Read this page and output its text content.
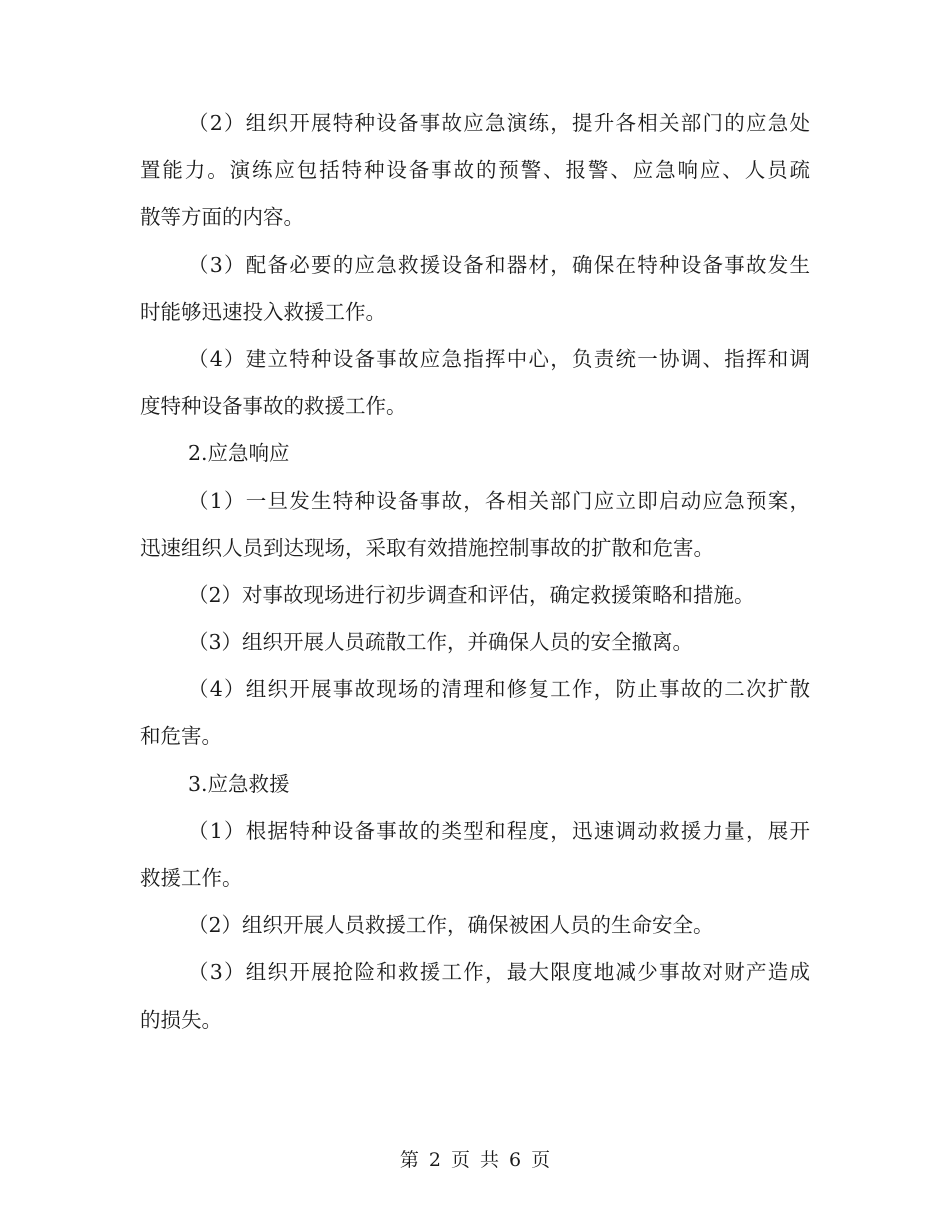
（2）组织开展特种设备事故应急演练，提升各相关部门的应急处
置能力。演练应包括特种设备事故的预警、报警、应急响应、人员疏
散等方面的内容。
（3）配备必要的应急救援设备和器材，确保在特种设备事故发生
时能够迅速投入救援工作。
（4）建立特种设备事故应急指挥中心，负责统一协调、指挥和调
度特种设备事故的救援工作。
2.应急响应
（1）一旦发生特种设备事故，各相关部门应立即启动应急预案，
迅速组织人员到达现场，采取有效措施控制事故的扩散和危害。
（2）对事故现场进行初步调查和评估，确定救援策略和措施。
（3）组织开展人员疏散工作，并确保人员的安全撤离。
（4）组织开展事故现场的清理和修复工作，防止事故的二次扩散
和危害。
3.应急救援
（1）根据特种设备事故的类型和程度，迅速调动救援力量，展开
救援工作。
（2）组织开展人员救援工作，确保被困人员的生命安全。
（3）组织开展抢险和救援工作，最大限度地减少事故对财产造成
的损失。
第 2 页 共 6 页
